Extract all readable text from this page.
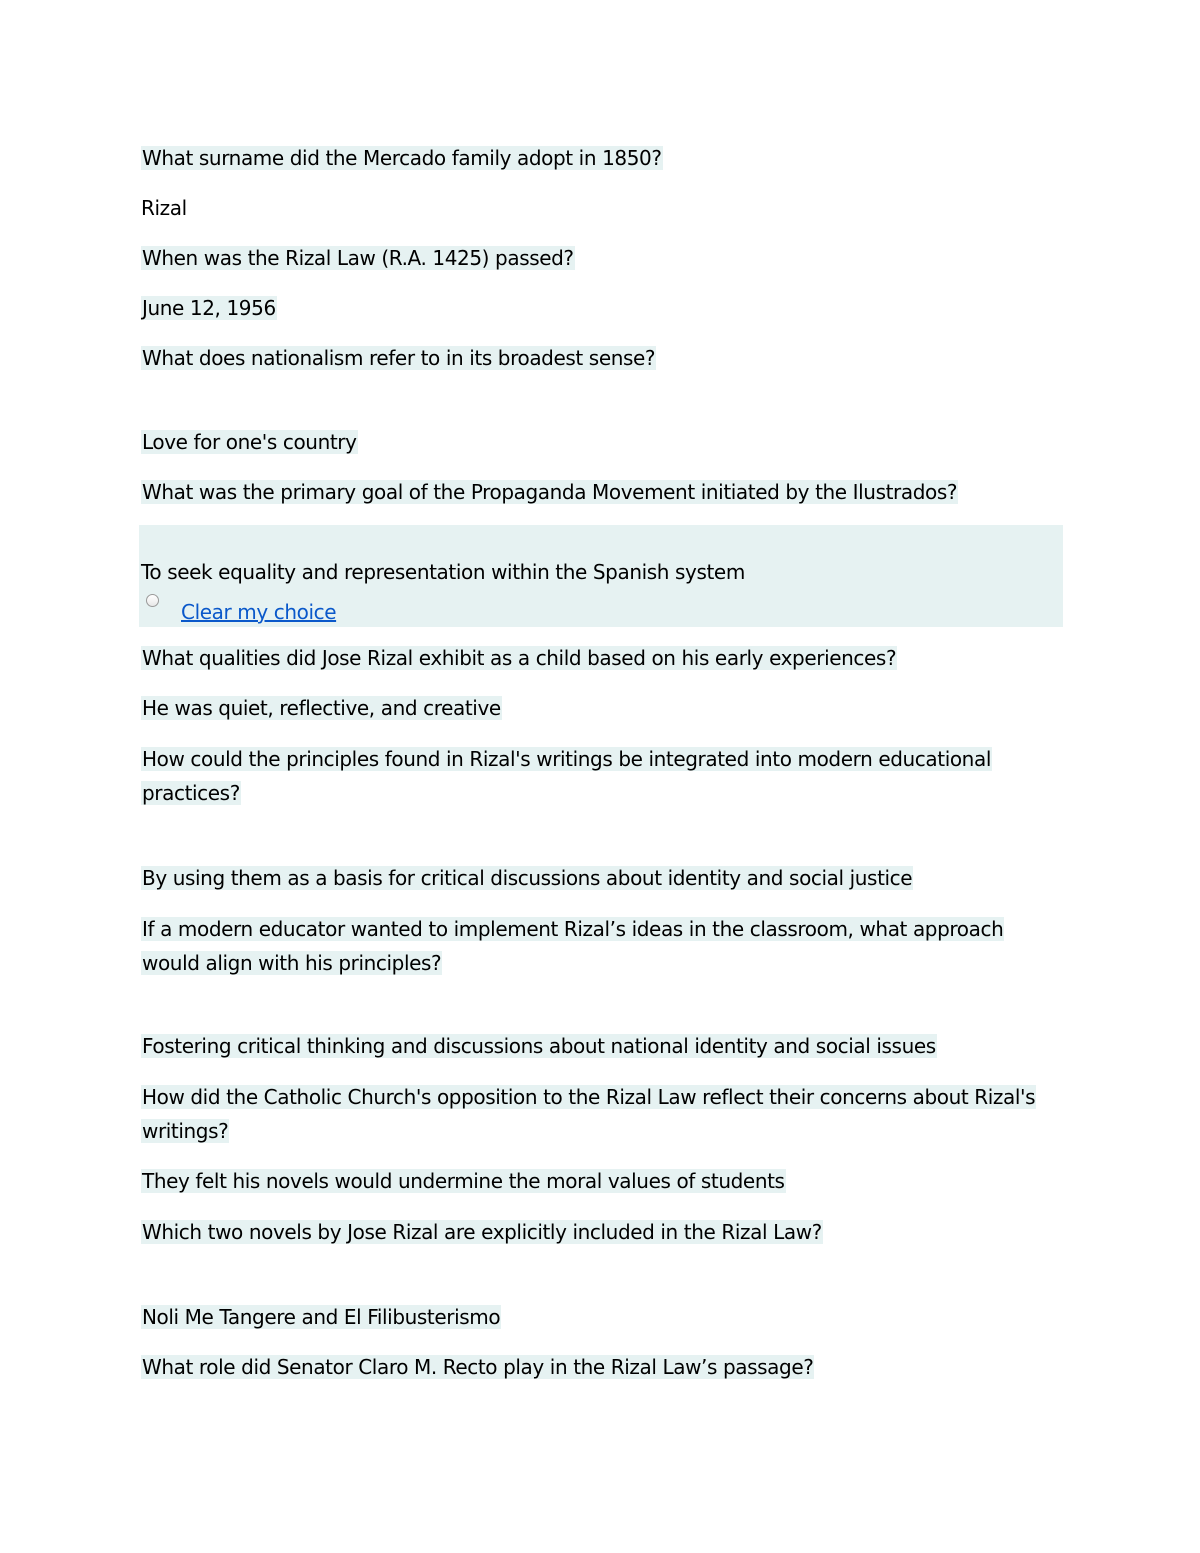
What surname did the Mercado family adopt in 1850?
Rizal
When was the Rizal Law (R.A. 1425) passed?
June 12, 1956
What does nationalism refer to in its broadest sense?
Love for one's country
What was the primary goal of the Propaganda Movement initiated by the Ilustrados?
To seek equality and representation within the Spanish system
Clear my choice
What qualities did Jose Rizal exhibit as a child based on his early experiences?
He was quiet, reflective, and creative
How could the principles found in Rizal's writings be integrated into modern educational practices?
By using them as a basis for critical discussions about identity and social justice
If a modern educator wanted to implement Rizal’s ideas in the classroom, what approach would align with his principles?
Fostering critical thinking and discussions about national identity and social issues
How did the Catholic Church's opposition to the Rizal Law reflect their concerns about Rizal's writings?
They felt his novels would undermine the moral values of students
Which two novels by Jose Rizal are explicitly included in the Rizal Law?
Noli Me Tangere and El Filibusterismo
What role did Senator Claro M. Recto play in the Rizal Law’s passage?
